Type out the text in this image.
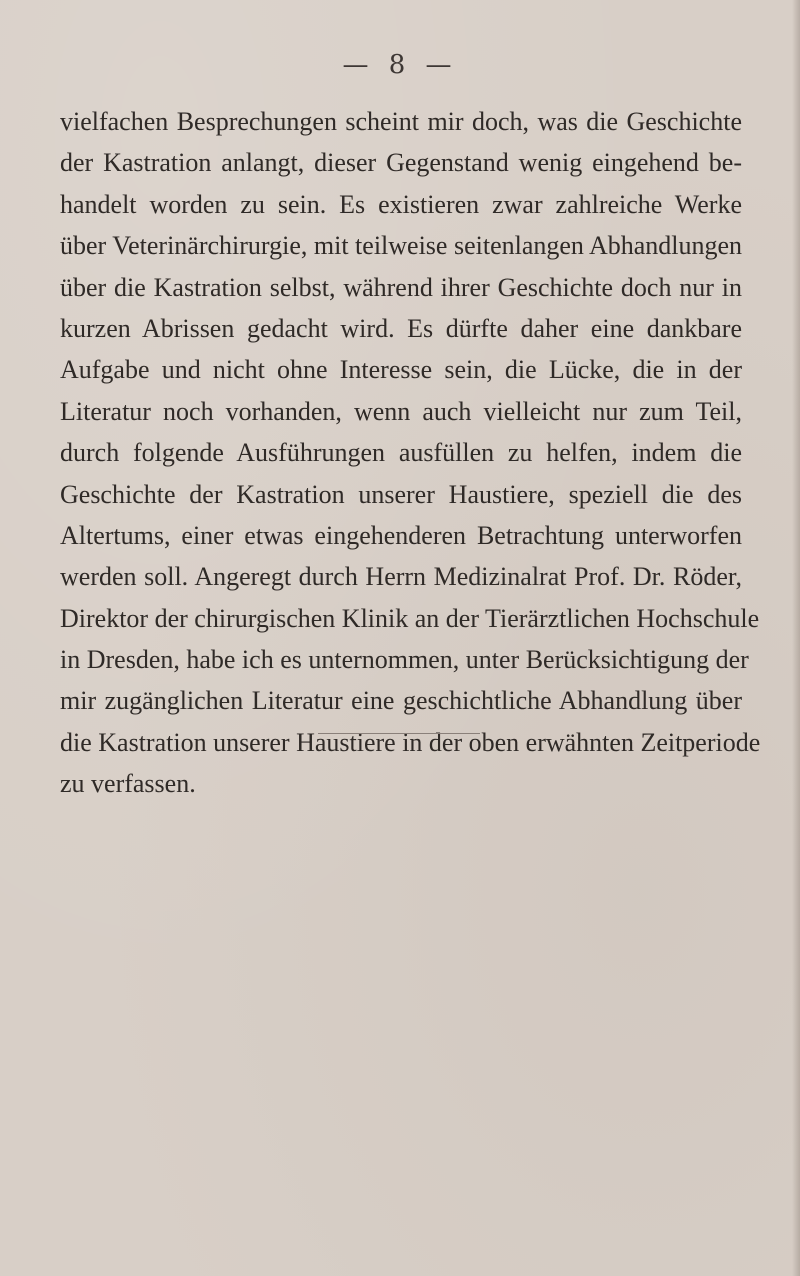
— 8 —
vielfachen Besprechungen scheint mir doch, was die Geschichte
der Kastration anlangt, dieser Gegenstand wenig eingehend be-
handelt worden zu sein. Es existieren zwar zahlreiche Werke
über Veterinärchirurgie, mit teilweise seitenlangen Abhandlungen
über die Kastration selbst, während ihrer Geschichte doch nur in
kurzen Abrissen gedacht wird. Es dürfte daher eine dankbare
Aufgabe und nicht ohne Interesse sein, die Lücke, die in der
Literatur noch vorhanden, wenn auch vielleicht nur zum Teil,
durch folgende Ausführungen ausfüllen zu helfen, indem die
Geschichte der Kastration unserer Haustiere, speziell die des
Altertums, einer etwas eingehenderen Betrachtung unterworfen
werden soll. Angeregt durch Herrn Medizinalrat Prof. Dr. Röder,
Direktor der chirurgischen Klinik an der Tierärztlichen Hochschule
in Dresden, habe ich es unternommen, unter Berücksichtigung der
mir zugänglichen Literatur eine geschichtliche Abhandlung über
die Kastration unserer Haustiere in der oben erwähnten Zeitperiode
zu verfassen.
